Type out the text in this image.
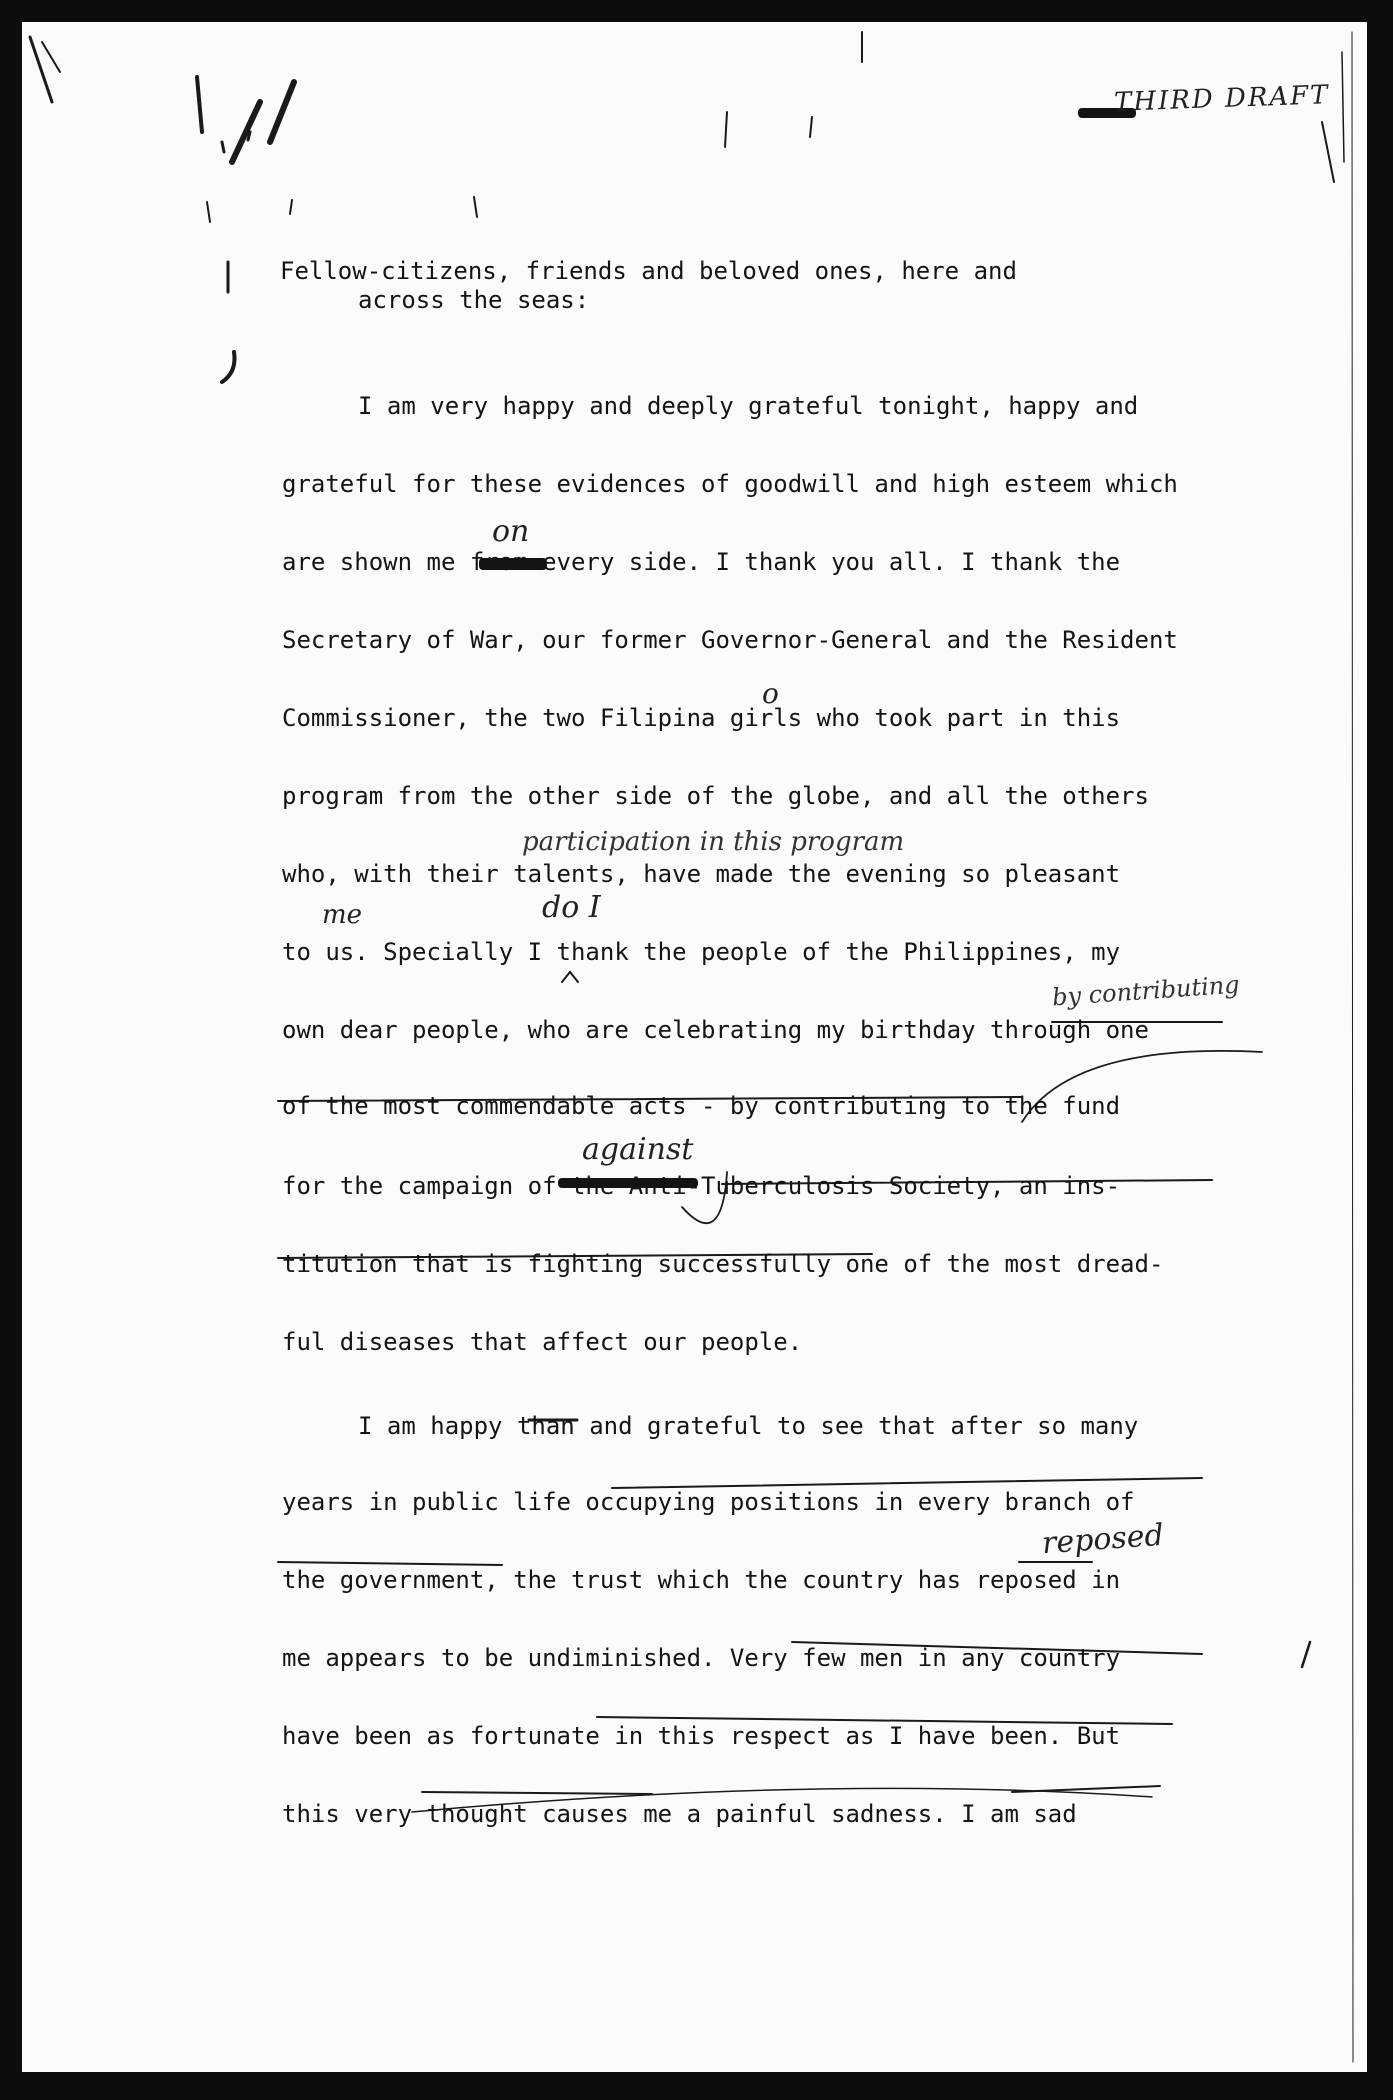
THIRD DRAFT
Fellow-citizens, friends and beloved ones, here and
across the seas:
I am very happy and deeply grateful tonight, happy and
grateful for these evidences of goodwill and high esteem which
are shown me from every side. I thank you all. I thank the
Secretary of War, our former Governor-General and the Resident
Commissioner, the two Filipina girls who took part in this
program from the other side of the globe, and all the others
who, with their talents, have made the evening so pleasant
to us. Specially I thank the people of the Philippines, my
own dear people, who are celebrating my birthday through one
of the most commendable acts - by contributing to the fund
for the campaign of the Anti-Tuberculosis Society, an ins-
titution that is fighting successfully one of the most dread-
ful diseases that affect our people.
I am happy than and grateful to see that after so many
years in public life occupying positions in every branch of
the government, the trust which the country has reposed in
me appears to be undiminished. Very few men in any country
have been as fortunate in this respect as I have been. But
this very thought causes me a painful sadness. I am sad
on
o
participation in this program
me	do I
by contributing
against
reposed
